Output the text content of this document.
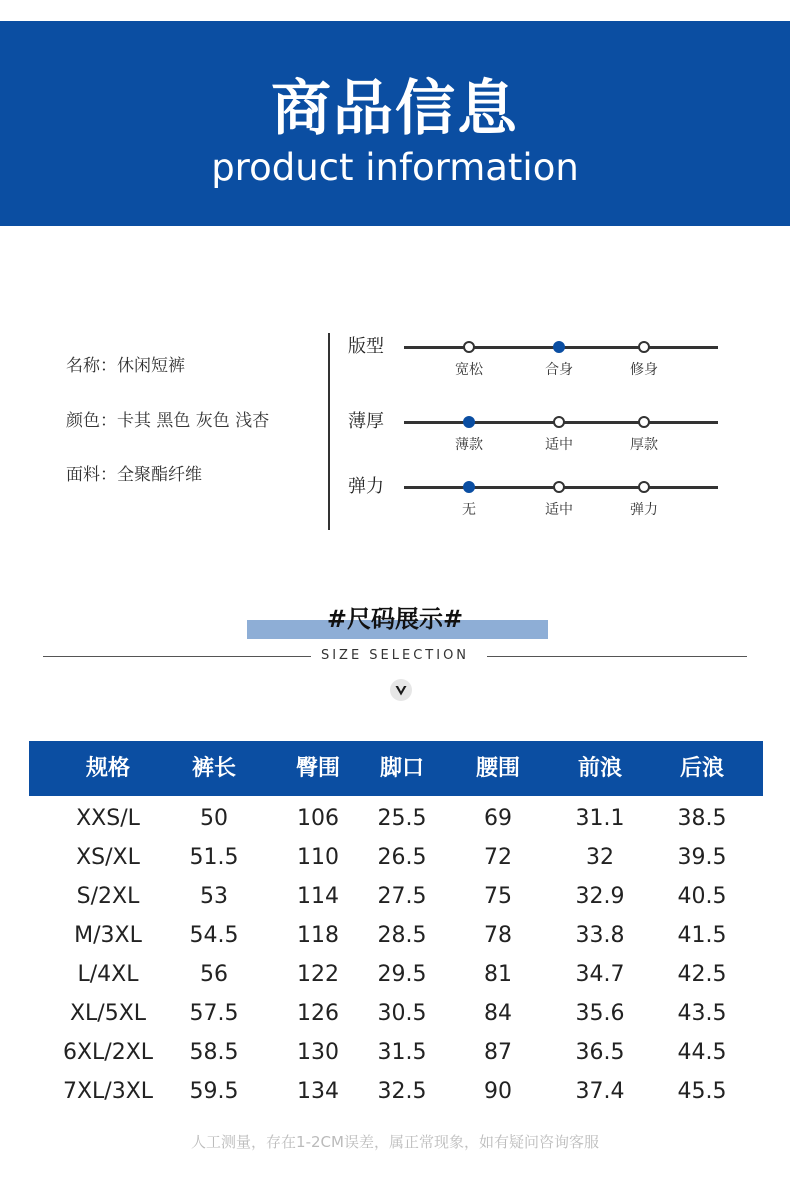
商品信息
product information
名称：休闲短裤
颜色：卡其 黑色 灰色 浅杏
面料：全聚酯纤维
版型
宽松	合身	修身
薄厚
薄款	适中	厚款
弹力
无	适中	弹力
#尺码展示#
SIZE SELECTION
规格	裤长	臀围	脚口	腰围	前浪	后浪
XXS/L	50	106	25.5	69	31.1	38.5
XS/XL	51.5	110	26.5	72	32	39.5
S/2XL	53	114	27.5	75	32.9	40.5
M/3XL	54.5	118	28.5	78	33.8	41.5
L/4XL	56	122	29.5	81	34.7	42.5
XL/5XL	57.5	126	30.5	84	35.6	43.5
6XL/2XL	58.5	130	31.5	87	36.5	44.5
7XL/3XL	59.5	134	32.5	90	37.4	45.5
人工测量，存在1-2CM误差，属正常现象，如有疑问咨询客服
